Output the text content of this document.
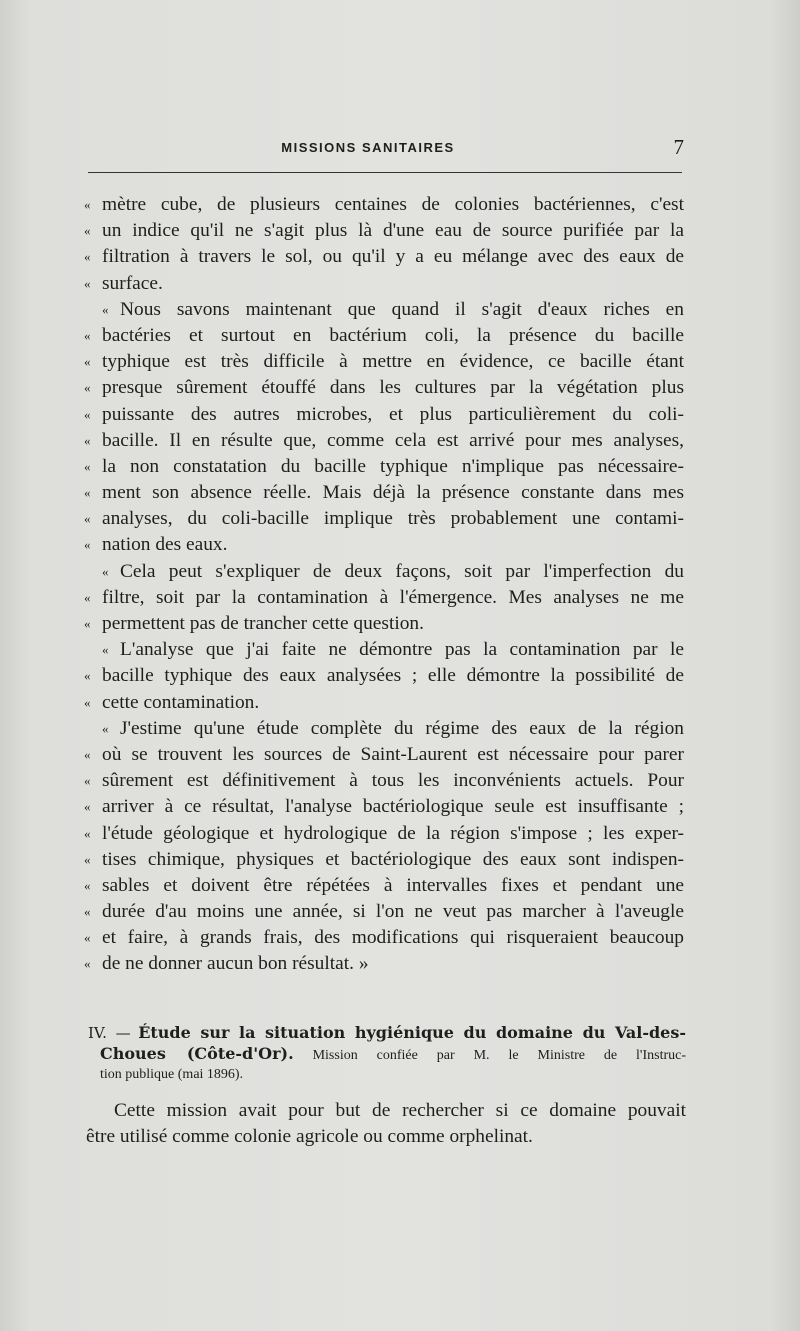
MISSIONS SANITAIRES	7
« mètre cube, de plusieurs centaines de colonies bactériennes, c'est
« un indice qu'il ne s'agit plus là d'une eau de source purifiée par la
« filtration à travers le sol, ou qu'il y a eu mélange avec des eaux de
« surface.
« Nous savons maintenant que quand il s'agit d'eaux riches en
« bactéries et surtout en bactérium coli, la présence du bacille
« typhique est très difficile à mettre en évidence, ce bacille étant
« presque sûrement étouffé dans les cultures par la végétation plus
« puissante des autres microbes, et plus particulièrement du coli-
« bacille. Il en résulte que, comme cela est arrivé pour mes analyses,
« la non constatation du bacille typhique n'implique pas nécessaire-
« ment son absence réelle. Mais déjà la présence constante dans mes
« analyses, du coli-bacille implique très probablement une contami-
« nation des eaux.
« Cela peut s'expliquer de deux façons, soit par l'imperfection du
« filtre, soit par la contamination à l'émergence. Mes analyses ne me
« permettent pas de trancher cette question.
« L'analyse que j'ai faite ne démontre pas la contamination par le
« bacille typhique des eaux analysées ; elle démontre la possibilité de
« cette contamination.
« J'estime qu'une étude complète du régime des eaux de la région
« où se trouvent les sources de Saint-Laurent est nécessaire pour parer
« sûrement est définitivement à tous les inconvénients actuels. Pour
« arriver à ce résultat, l'analyse bactériologique seule est insuffisante ;
« l'étude géologique et hydrologique de la région s'impose ; les exper-
« tises chimique, physiques et bactériologique des eaux sont indispen-
« sables et doivent être répétées à intervalles fixes et pendant une
« durée d'au moins une année, si l'on ne veut pas marcher à l'aveugle
« et faire, à grands frais, des modifications qui risqueraient beaucoup
« de ne donner aucun bon résultat. »
IV. — Étude sur la situation hygiénique du domaine du Val-des-
Choues (Côte-d'Or). Mission confiée par M. le Ministre de l'Instruc-
tion publique (mai 1896).
Cette mission avait pour but de rechercher si ce domaine pouvait
être utilisé comme colonie agricole ou comme orphelinat.
